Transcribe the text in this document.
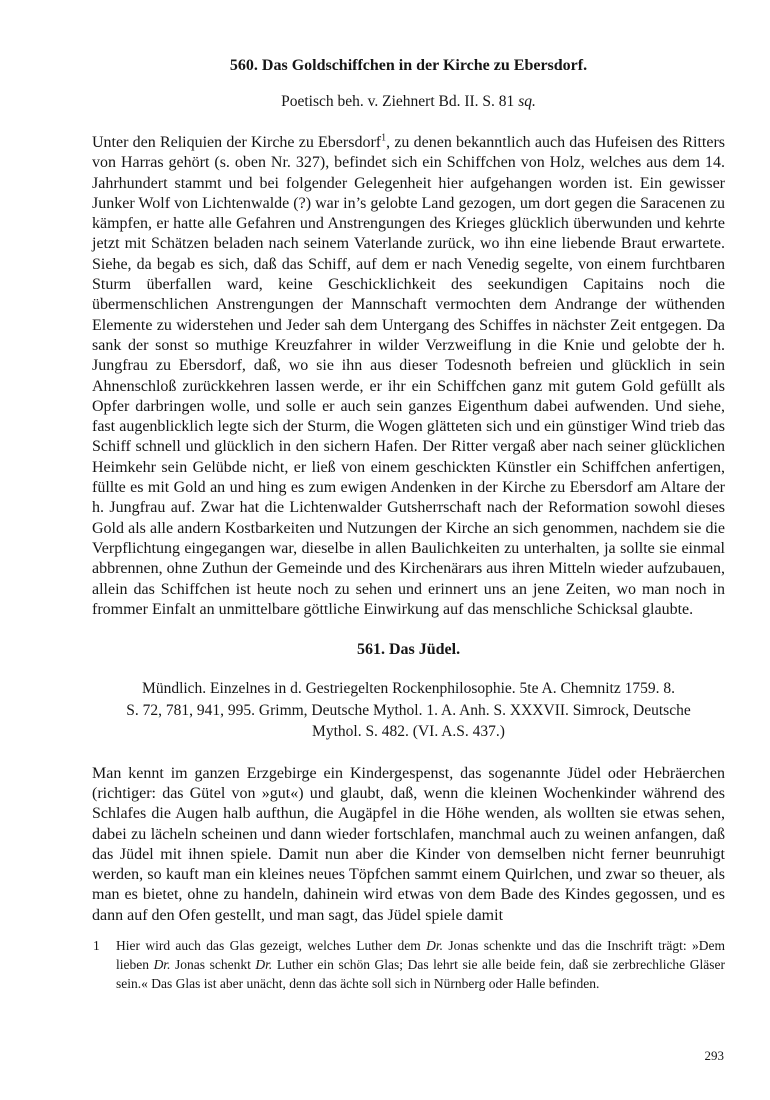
560. Das Goldschiffchen in der Kirche zu Ebersdorf.

Poetisch beh. v. Ziehnert Bd. II. S. 81 sq.

Unter den Reliquien der Kirche zu Ebersdorf$^1$, zu denen bekanntlich auch das Hufeisen des Ritters von Harras gehört (s. oben Nr. 327), befindet sich ein Schiffchen von Holz, welches aus dem 14. Jahrhundert stammt und bei folgender Gelegenheit hier aufgehangen worden ist. Ein gewisser Junker Wolf von Lichtenwalde (?) war in’s gelobte Land gezogen, um dort gegen die Saracenen zu kämpfen, er hatte alle Gefahren und Anstrengungen des Krieges glücklich überwunden und kehrte jetzt mit Schätzen beladen nach seinem Vaterlande zurück, wo ihn eine liebende Braut erwartete. Siehe, da begab es sich, daß das Schiff, auf dem er nach Venedig segelte, von einem furchtbaren Sturm überfallen ward, keine Geschicklichkeit des seekundigen Capitains noch die übermenschlichen Anstrengungen der Mannschaft vermochten dem Andrange der wüthenden Elemente zu widerstehen und Jeder sah dem Untergang des Schiffes in nächster Zeit entgegen. Da sank der sonst so muthige Kreuzfahrer in wilder Verzweiflung in die Knie und gelobte der h. Jungfrau zu Ebersdorf, daß, wo sie ihn aus dieser Todesnoth befreien und glücklich in sein Ahnenschloß zurückkehren lassen werde, er ihr ein Schiffchen ganz mit gutem Gold gefüllt als Opfer darbringen wolle, und solle er auch sein ganzes Eigenthum dabei aufwenden. Und siehe, fast augenblicklich legte sich der Sturm, die Wogen glätteten sich und ein günstiger Wind trieb das Schiff schnell und glücklich in den sichern Hafen. Der Ritter vergaß aber nach seiner glücklichen Heimkehr sein Gelübde nicht, er ließ von einem geschickten Künstler ein Schiffchen anfertigen, füllte es mit Gold an und hing es zum ewigen Andenken in der Kirche zu Ebersdorf am Altare der h. Jungfrau auf. Zwar hat die Lichtenwalder Gutsherrschaft nach der Reformation sowohl dieses Gold als alle andern Kostbarkeiten und Nutzungen der Kirche an sich genommen, nachdem sie die Verpflichtung eingegangen war, dieselbe in allen Baulichkeiten zu unterhalten, ja sollte sie einmal abbrennen, ohne Zuthun der Gemeinde und des Kirchenärars aus ihren Mitteln wieder aufzubauen, allein das Schiffchen ist heute noch zu sehen und erinnert uns an jene Zeiten, wo man noch in frommer Einfalt an unmittelbare göttliche Einwirkung auf das menschliche Schicksal glaubte.

561. Das Jüdel.

Mündlich. Einzelnes in d. Gestriegelten Rockenphilosophie. 5te A. Chemnitz 1759. 8.
S. 72, 781, 941, 995. Grimm, Deutsche Mythol. 1. A. Anh. S. XXXVII. Simrock, Deutsche
Mythol. S. 482. (VI. A.S. 437.)

Man kennt im ganzen Erzgebirge ein Kindergespenst, das sogenannte Jüdel oder Hebräerchen (richtiger: das Gütel von »gut«) und glaubt, daß, wenn die kleinen Wochenkinder während des Schlafes die Augen halb aufthun, die Augäpfel in die Höhe wenden, als wollten sie etwas sehen, dabei zu lächeln scheinen und dann wieder fortschlafen, manchmal auch zu weinen anfangen, daß das Jüdel mit ihnen spiele. Damit nun aber die Kinder von demselben nicht ferner beunruhigt werden, so kauft man ein kleines neues Töpfchen sammt einem Quirlchen, und zwar so theuer, als man es bietet, ohne zu handeln, dahinein wird etwas von dem Bade des Kindes gegossen, und es dann auf den Ofen gestellt, und man sagt, das Jüdel spiele damit

1 Hier wird auch das Glas gezeigt, welches Luther dem Dr. Jonas schenkte und das die Inschrift trägt: »Dem lieben Dr. Jonas schenkt Dr. Luther ein schön Glas; Das lehrt sie alle beide fein, daß sie zerbrechliche Gläser sein.« Das Glas ist aber unächt, denn das ächte soll sich in Nürnberg oder Halle befinden.
293
